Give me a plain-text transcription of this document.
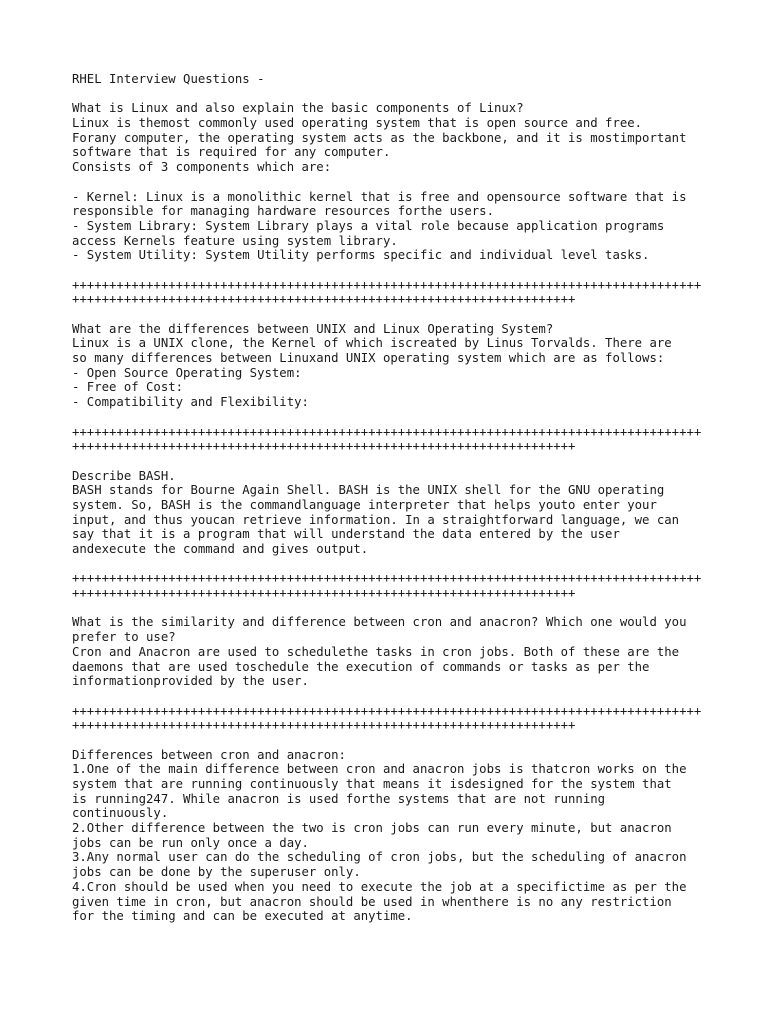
RHEL Interview Questions -
What is Linux and also explain the basic components of Linux?
Linux is themost commonly used operating system that is open source and free.
Forany computer, the operating system acts as the backbone, and it is mostimportant
software that is required for any computer.
Consists of 3 components which are:
- Kernel: Linux is a monolithic kernel that is free and opensource software that is
responsible for managing hardware resources forthe users.
- System Library: System Library plays a vital role because application programs
access Kernels feature using system library.
- System Utility: System Utility performs specific and individual level tasks.
+++++++++++++++++++++++++++++++++++++++++++++++++++++++++++++++++++++++++++++++++++++
++++++++++++++++++++++++++++++++++++++++++++++++++++++++++++++++++++
What are the differences between UNIX and Linux Operating System?
Linux is a UNIX clone, the Kernel of which iscreated by Linus Torvalds. There are
so many differences between Linuxand UNIX operating system which are as follows:
- Open Source Operating System:
- Free of Cost:
- Compatibility and Flexibility:
+++++++++++++++++++++++++++++++++++++++++++++++++++++++++++++++++++++++++++++++++++++
++++++++++++++++++++++++++++++++++++++++++++++++++++++++++++++++++++
Describe BASH.
BASH stands for Bourne Again Shell. BASH is the UNIX shell for the GNU operating
system. So, BASH is the commandlanguage interpreter that helps youto enter your
input, and thus youcan retrieve information. In a straightforward language, we can
say that it is a program that will understand the data entered by the user
andexecute the command and gives output.
+++++++++++++++++++++++++++++++++++++++++++++++++++++++++++++++++++++++++++++++++++++
++++++++++++++++++++++++++++++++++++++++++++++++++++++++++++++++++++
What is the similarity and difference between cron and anacron? Which one would you
prefer to use?
Cron and Anacron are used to schedulethe tasks in cron jobs. Both of these are the
daemons that are used toschedule the execution of commands or tasks as per the
informationprovided by the user.
+++++++++++++++++++++++++++++++++++++++++++++++++++++++++++++++++++++++++++++++++++++
++++++++++++++++++++++++++++++++++++++++++++++++++++++++++++++++++++
Differences between cron and anacron:
1.One of the main difference between cron and anacron jobs is thatcron works on the
system that are running continuously that means it isdesigned for the system that
is running247. While anacron is used forthe systems that are not running
continuously.
2.Other difference between the two is cron jobs can run every minute, but anacron
jobs can be run only once a day.
3.Any normal user can do the scheduling of cron jobs, but the scheduling of anacron
jobs can be done by the superuser only.
4.Cron should be used when you need to execute the job at a specifictime as per the
given time in cron, but anacron should be used in whenthere is no any restriction
for the timing and can be executed at anytime.
